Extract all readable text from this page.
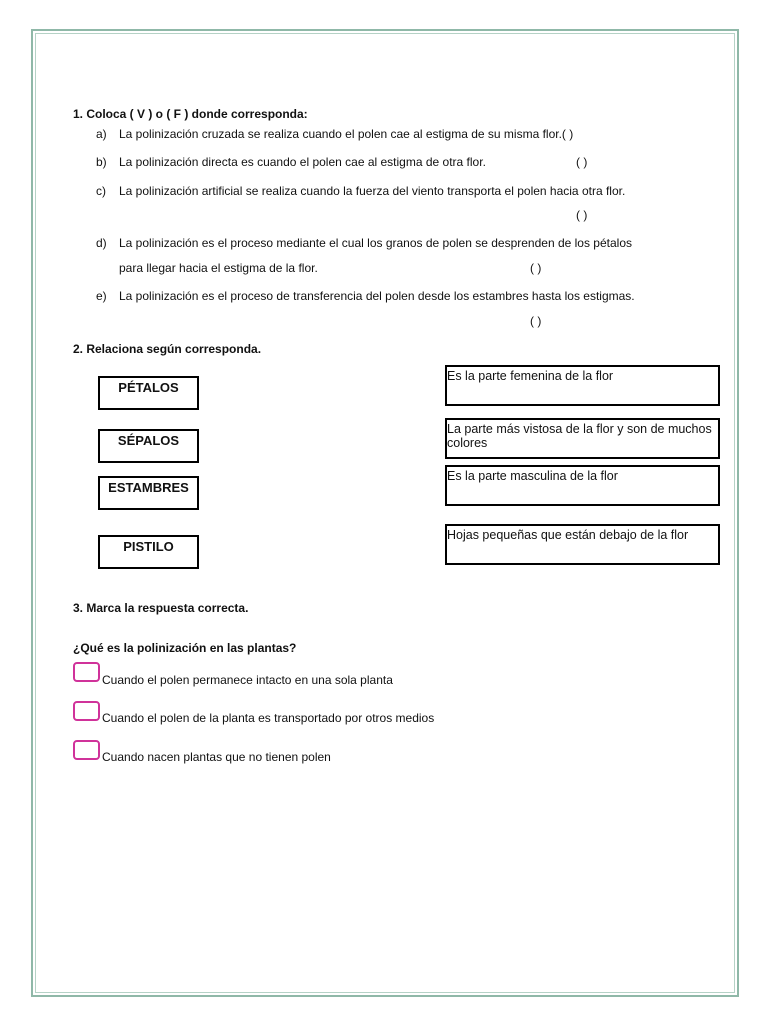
1. Coloca ( V ) o ( F ) donde corresponda:
a) La polinización cruzada se realiza cuando el polen cae al estigma de su misma flor.( )
b) La polinización directa es cuando el polen cae al estigma de otra flor.	( )
c) La polinización artificial se realiza cuando la fuerza del viento transporta el polen hacia otra flor.
( )
d) La polinización es el proceso mediante el cual los granos de polen se desprenden de los pétalos
para llegar hacia el estigma de la flor.	( )
e) La polinización es el proceso de transferencia del polen desde los estambres hasta los estigmas.
( )
2. Relaciona según corresponda.
PÉTALOS
SÉPALOS
ESTAMBRES
PISTILO
Es la parte femenina de la flor
La parte más vistosa de la flor y son de muchos colores
Es la parte masculina de la flor
Hojas pequeñas que están debajo de la flor
3. Marca la respuesta correcta.
¿Qué es la polinización en las plantas?
Cuando el polen permanece intacto en una sola planta
Cuando el polen de la planta es transportado por otros medios
Cuando nacen plantas que no tienen polen
